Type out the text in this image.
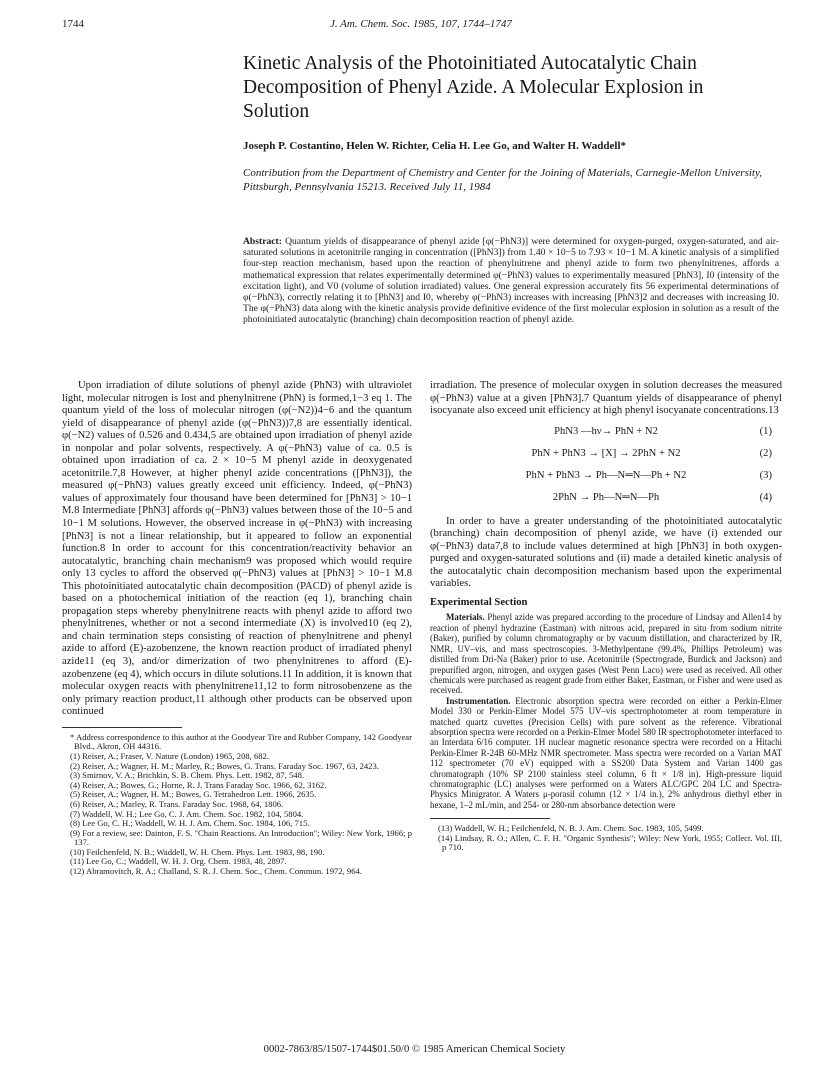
1744	J. Am. Chem. Soc. 1985, 107, 1744–1747
Kinetic Analysis of the Photoinitiated Autocatalytic Chain Decomposition of Phenyl Azide. A Molecular Explosion in Solution
Joseph P. Costantino, Helen W. Richter, Celia H. Lee Go, and Walter H. Waddell*
Contribution from the Department of Chemistry and Center for the Joining of Materials, Carnegie-Mellon University, Pittsburgh, Pennsylvania 15213. Received July 11, 1984
Abstract: Quantum yields of disappearance of phenyl azide [φ(−PhN3)] were determined for oxygen-purged, oxygen-saturated, and air-saturated solutions in acetonitrile ranging in concentration ([PhN3]) from 1.40 × 10−5 to 7.93 × 10−1 M. A kinetic analysis of a simplified four-step reaction mechanism, based upon the reaction of phenylnitrene and phenyl azide to form two phenylnitrenes, affords a mathematical expression that relates experimentally determined φ(−PhN3) values to experimentally measured [PhN3], I0 (intensity of the excitation light), and V0 (volume of solution irradiated) values. One general expression accurately fits 56 experimental determinations of φ(−PhN3), correctly relating it to [PhN3] and I0, whereby φ(−PhN3) increases with increasing [PhN3]2 and decreases with increasing I0. The φ(−PhN3) data along with the kinetic analysis provide definitive evidence of the first molecular explosion in solution as a result of the photoinitiated autocatalytic (branching) chain decomposition reaction of phenyl azide.

Upon irradiation of dilute solutions of phenyl azide (PhN3) with ultraviolet light, molecular nitrogen is lost and phenylnitrene (PhN) is formed,1−3 eq 1. The quantum yield of the loss of molecular nitrogen (φ(−N2))4−6 and the quantum yield of disappearance of phenyl azide (φ(−PhN3))7,8 are essentially identical. φ(−N2) values of 0.526 and 0.434,5 are obtained upon irradiation of phenyl azide in nonpolar and polar solvents, respectively. A φ(−PhN3) value of ca. 0.5 is obtained upon irradiation of ca. 2 × 10−5 M phenyl azide in deoxygenated acetonitrile.7,8 However, at higher phenyl azide concentrations ([PhN3]), the measured φ(−PhN3) values greatly exceed unit efficiency. Indeed, φ(−PhN3) values of approximately four thousand have been determined for [PhN3] > 10−1 M.8 Intermediate [PhN3] affords φ(−PhN3) values between those of the 10−5 and 10−1 M solutions. However, the observed increase in φ(−PhN3) with increasing [PhN3] is not a linear relationship, but it appeared to follow an exponential function.8 In order to account for this concentration/reactivity behavior an autocatalytic, branching chain mechanism9 was proposed which would require only 13 cycles to afford the observed φ(−PhN3) values at [PhN3] > 10−1 M.8 This photoinitiated autocatalytic chain decomposition (PACD) of phenyl azide is based on a photochemical initiation of the reaction (eq 1), branching chain propagation steps whereby phenylnitrene reacts with phenyl azide to afford two phenylnitrenes, whether or not a second intermediate (X) is involved10 (eq 2), and chain termination steps consisting of reaction of phenylnitrene and phenyl azide to afford (E)-azobenzene, the known reaction product of irradiated phenyl azide11 (eq 3), and/or dimerization of two phenylnitrenes to afford (E)-azobenzene (eq 4), which occurs in dilute solutions.11 In addition, it is known that molecular oxygen reacts with phenylnitrene11,12 to form nitrosobenzene as the only primary reaction product,11 although other products can be observed upon continued

* Address correspondence to this author at the Goodyear Tire and Rubber Company, 142 Goodyear Blvd., Akron, OH 44316.
(1) Reiser, A.; Fraser, V. Nature (London) 1965, 208, 682.
(2) Reiser, A.; Wagner, H. M.; Marley, R.; Bowes, G. Trans. Faraday Soc. 1967, 63, 2423.
(3) Smirnov, V. A.; Brichkin, S. B. Chem. Phys. Lett. 1982, 87, 548.
(4) Reiser, A.; Bowes, G.; Horne, R. J. Trans Faraday Soc. 1966, 62, 3162.
(5) Reiser, A.; Wagner, H. M.; Bowes, G. Tetrahedron Lett. 1966, 2635.
(6) Reiser, A.; Marley, R. Trans. Faraday Soc. 1968, 64, 1806.
(7) Waddell, W. H.; Lee Go, C. J. Am. Chem. Soc. 1982, 104, 5804.
(8) Lee Go, C. H.; Waddell, W. H. J. Am. Chem. Soc. 1984, 106, 715.
(9) For a review, see: Dainton, F. S. "Chain Reactions. An Introduction"; Wiley: New York, 1966; p 137.
(10) Feilchenfeld, N. B.; Waddell, W. H. Chem. Phys. Lett. 1983, 98, 190.
(11) Lee Go, C.; Waddell, W. H. J. Org. Chem. 1983, 48, 2897.
(12) Abramovitch, R. A.; Challand, S. R. J. Chem. Soc., Chem. Commun. 1972, 964.

irradiation. The presence of molecular oxygen in solution decreases the measured φ(−PhN3) value at a given [PhN3].7 Quantum yields of disappearance of phenyl isocyanate also exceed unit efficiency at high phenyl isocyanate concentrations.13

PhN3 —hν→ PhN + N2	(1)
PhN + PhN3 → [X] → 2PhN + N2	(2)
PhN + PhN3 → Ph—N═N—Ph + N2	(3)
2PhN → Ph—N═N—Ph	(4)

In order to have a greater understanding of the photoinitiated autocatalytic (branching) chain decomposition of phenyl azide, we have (i) extended our φ(−PhN3) data7,8 to include values determined at high [PhN3] in both oxygen-purged and oxygen-saturated solutions and (ii) made a detailed kinetic analysis of the autocatalytic chain decomposition mechanism based upon the experimental variables.

Experimental Section

Materials. Phenyl azide was prepared according to the procedure of Lindsay and Allen14 by reaction of phenyl hydrazine (Eastman) with nitrous acid, prepared in situ from sodium nitrite (Baker), purified by column chromatography or by vacuum distillation, and characterized by IR, NMR, UV–vis, and mass spectroscopies. 3-Methylpentane (99.4%, Phillips Petroleum) was distilled from Dri-Na (Baker) prior to use. Acetonitrile (Spectrograde, Burdick and Jackson) and prepurified argon, nitrogen, and oxygen gases (West Penn Laco) were used as received. All other chemicals were purchased as reagent grade from either Baker, Eastman, or Fisher and were used as received.

Instrumentation. Electronic absorption spectra were recorded on either a Perkin-Elmer Model 330 or Perkin-Elmer Model 575 UV–vis spectrophotometer at room temperature in matched quartz cuvettes (Precision Cells) with pure solvent as the reference. Vibrational absorption spectra were recorded on a Perkin-Elmer Model 580 IR spectrophotometer interfaced to an Interdata 6/16 computer. 1H nuclear magnetic resonance spectra were recorded on a Hitachi Perkin-Elmer R-24B 60-MHz NMR spectrometer. Mass spectra were recorded on a Varian MAT 112 spectrometer (70 eV) equipped with a SS200 Data System and Varian 1400 gas chromatograph (10% SP 2100 stainless steel column, 6 ft × 1/8 in). High-pressure liquid chromatographic (LC) analyses were performed on a Waters ALC/GPC 204 LC and Spectra-Physics Minigrator. A Waters μ-porasil column (12 × 1/4 in.), 2% anhydrous diethyl ether in hexane, 1–2 mL/min, and 254- or 280-nm absorbance detection were

(13) Waddell, W. H.; Feilchenfeld, N. B. J. Am. Chem. Soc. 1983, 105, 5499.
(14) Lindsay, R. O.; Allen, C. F. H. "Organic Synthesis"; Wiley: New York, 1955; Collect. Vol. III, p 710.
0002-7863/85/1507-1744$01.50/0 © 1985 American Chemical Society
